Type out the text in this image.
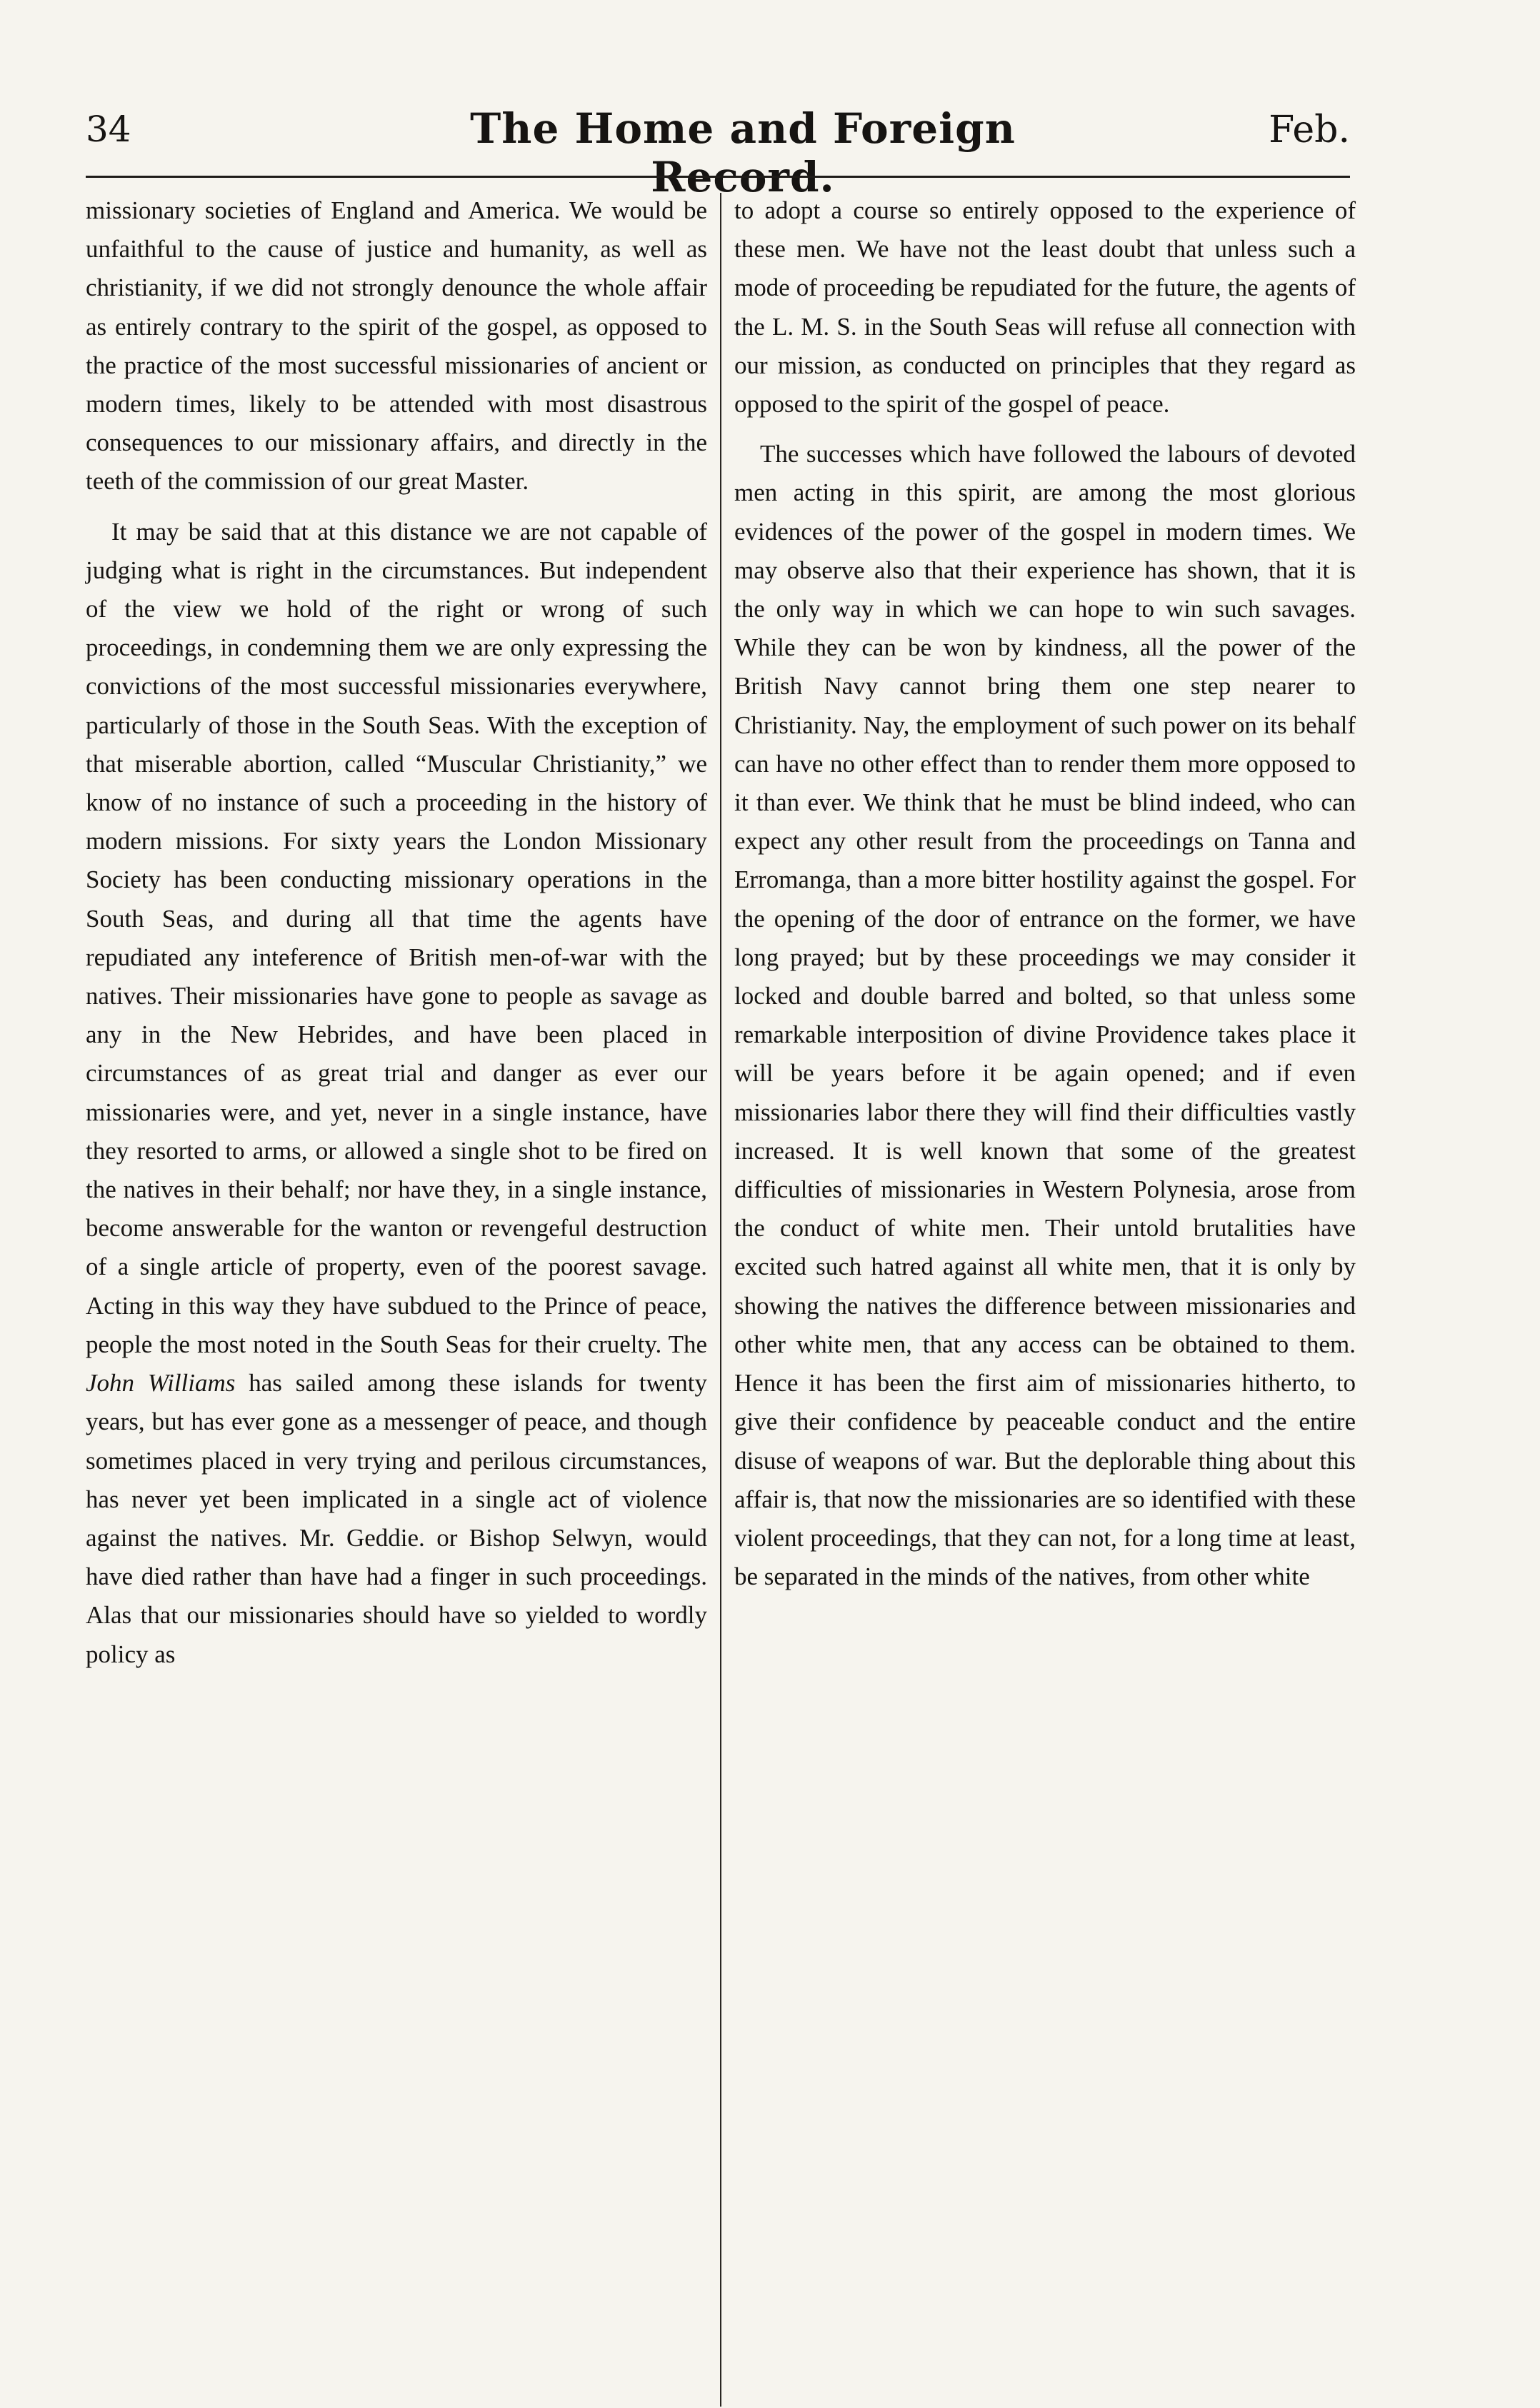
34	The Home and Foreign Record.
Feb.

missionary societies of England and America. We would be unfaithful to the cause of justice and humanity, as well as christianity, if we did not strongly denounce the whole affair as entirely contrary to the spirit of the gospel, as opposed to the practice of the most successful missionaries of ancient or modern times, likely to be attended with most disastrous consequences to our missionary affairs, and directly in the teeth of the commission of our great Master.

It may be said that at this distance we are not capable of judging what is right in the circumstances. But independent of the view we hold of the right or wrong of such proceedings, in condemning them we are only expressing the convictions of the most successful missionaries everywhere, particularly of those in the South Seas. With the exception of that miserable abortion, called “Muscular Christianity,” we know of no instance of such a proceeding in the history of modern missions. For sixty years the London Missionary Society has been conducting missionary operations in the South Seas, and during all that time the agents have repudiated any inteference of British men-of-war with the natives. Their missionaries have gone to people as savage as any in the New Hebrides, and have been placed in circumstances of as great trial and danger as ever our missionaries were, and yet, never in a single instance, have they resorted to arms, or allowed a single shot to be fired on the natives in their behalf; nor have they, in a single instance, become answerable for the wanton or revengeful destruction of a single article of property, even of the poorest savage. Acting in this way they have subdued to the Prince of peace, people the most noted in the South Seas for their cruelty. The John Williams has sailed among these islands for twenty years, but has ever gone as a messenger of peace, and though sometimes placed in very trying and perilous circumstances, has never yet been implicated in a single act of violence against the natives. Mr. Geddie. or Bishop Selwyn, would have died rather than have had a finger in such proceedings. Alas that our missionaries should have so yielded to wordly policy as

to adopt a course so entirely opposed to the experience of these men. We have not the least doubt that unless such a mode of proceeding be repudiated for the future, the agents of the L. M. S. in the South Seas will refuse all connection with our mission, as conducted on principles that they regard as opposed to the spirit of the gospel of peace.

The successes which have followed the labours of devoted men acting in this spirit, are among the most glorious evidences of the power of the gospel in modern times. We may observe also that their experience has shown, that it is the only way in which we can hope to win such savages. While they can be won by kindness, all the power of the British Navy cannot bring them one step nearer to Christianity. Nay, the employment of such power on its behalf can have no other effect than to render them more opposed to it than ever. We think that he must be blind indeed, who can expect any other result from the proceedings on Tanna and Erromanga, than a more bitter hostility against the gospel. For the opening of the door of entrance on the former, we have long prayed; but by these proceedings we may consider it locked and double barred and bolted, so that unless some remarkable interposition of divine Providence takes place it will be years before it be again opened; and if even missionaries labor there they will find their difficulties vastly increased. It is well known that some of the greatest difficulties of missionaries in Western Polynesia, arose from the conduct of white men. Their untold brutalities have excited such hatred against all white men, that it is only by showing the natives the difference between missionaries and other white men, that any access can be obtained to them. Hence it has been the first aim of missionaries hitherto, to give their confidence by peaceable conduct and the entire disuse of weapons of war. But the deplorable thing about this affair is, that now the missionaries are so identified with these violent proceedings, that they can not, for a long time at least, be separated in the minds of the natives, from other white
